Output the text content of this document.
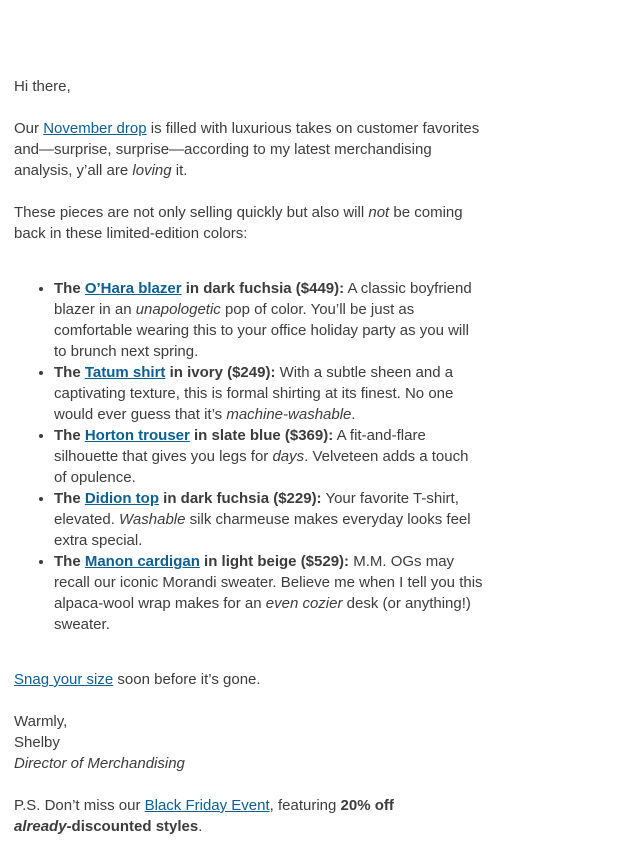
Hi there,

Our November drop is filled with luxurious takes on customer favorites and—surprise, surprise—according to my latest merchandising analysis, y’all are loving it.

These pieces are not only selling quickly but also will not be coming back in these limited-edition colors:

• The O’Hara blazer in dark fuchsia ($449): A classic boyfriend blazer in an unapologetic pop of color. You’ll be just as comfortable wearing this to your office holiday party as you will to brunch next spring.
• The Tatum shirt in ivory ($249): With a subtle sheen and a captivating texture, this is formal shirting at its finest. No one would ever guess that it’s machine-washable.
• The Horton trouser in slate blue ($369): A fit-and-flare silhouette that gives you legs for days. Velveteen adds a touch of opulence.
• The Didion top in dark fuchsia ($229): Your favorite T-shirt, elevated. Washable silk charmeuse makes everyday looks feel extra special.
• The Manon cardigan in light beige ($529): M.M. OGs may recall our iconic Morandi sweater. Believe me when I tell you this alpaca-wool wrap makes for an even cozier desk (or anything!) sweater.

Snag your size soon before it’s gone.

Warmly,
Shelby
Director of Merchandising

P.S. Don’t miss our Black Friday Event, featuring 20% off
already-discounted styles.
